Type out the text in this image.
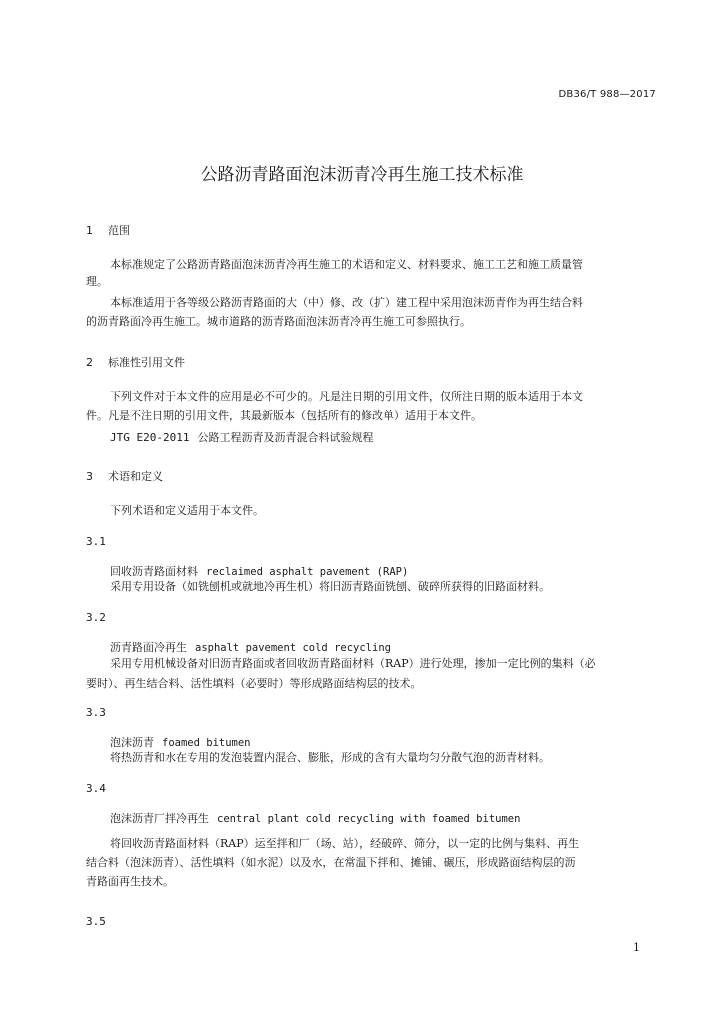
DB36/T 988—2017
公路沥青路面泡沫沥青冷再生施工技术标准
1 范围
本标准规定了公路沥青路面泡沫沥青冷再生施工的术语和定义、材料要求、施工工艺和施工质量管
理。
本标准适用于各等级公路沥青路面的大（中）修、改（扩）建工程中采用泡沫沥青作为再生结合料
的沥青路面冷再生施工。城市道路的沥青路面泡沫沥青冷再生施工可参照执行。
2 标准性引用文件
下列文件对于本文件的应用是必不可少的。凡是注日期的引用文件，仅所注日期的版本适用于本文
件。凡是不注日期的引用文件，其最新版本（包括所有的修改单）适用于本文件。
JTG E20-2011 公路工程沥青及沥青混合料试验规程
3 术语和定义
下列术语和定义适用于本文件。
3.1
回收沥青路面材料 reclaimed asphalt pavement (RAP)
采用专用设备（如铣刨机或就地冷再生机）将旧沥青路面铣刨、破碎所获得的旧路面材料。
3.2
沥青路面冷再生 asphalt pavement cold recycling
采用专用机械设备对旧沥青路面或者回收沥青路面材料（RAP）进行处理，掺加一定比例的集料（必
要时）、再生结合料、活性填料（必要时）等形成路面结构层的技术。
3.3
泡沫沥青 foamed bitumen
将热沥青和水在专用的发泡装置内混合、膨胀，形成的含有大量均匀分散气泡的沥青材料。
3.4
泡沫沥青厂拌冷再生 central plant cold recycling with foamed bitumen
将回收沥青路面材料（RAP）运至拌和厂（场、站），经破碎、筛分，以一定的比例与集料、再生
结合料（泡沫沥青）、活性填料（如水泥）以及水，在常温下拌和、摊铺、碾压，形成路面结构层的沥
青路面再生技术。
3.5
1
